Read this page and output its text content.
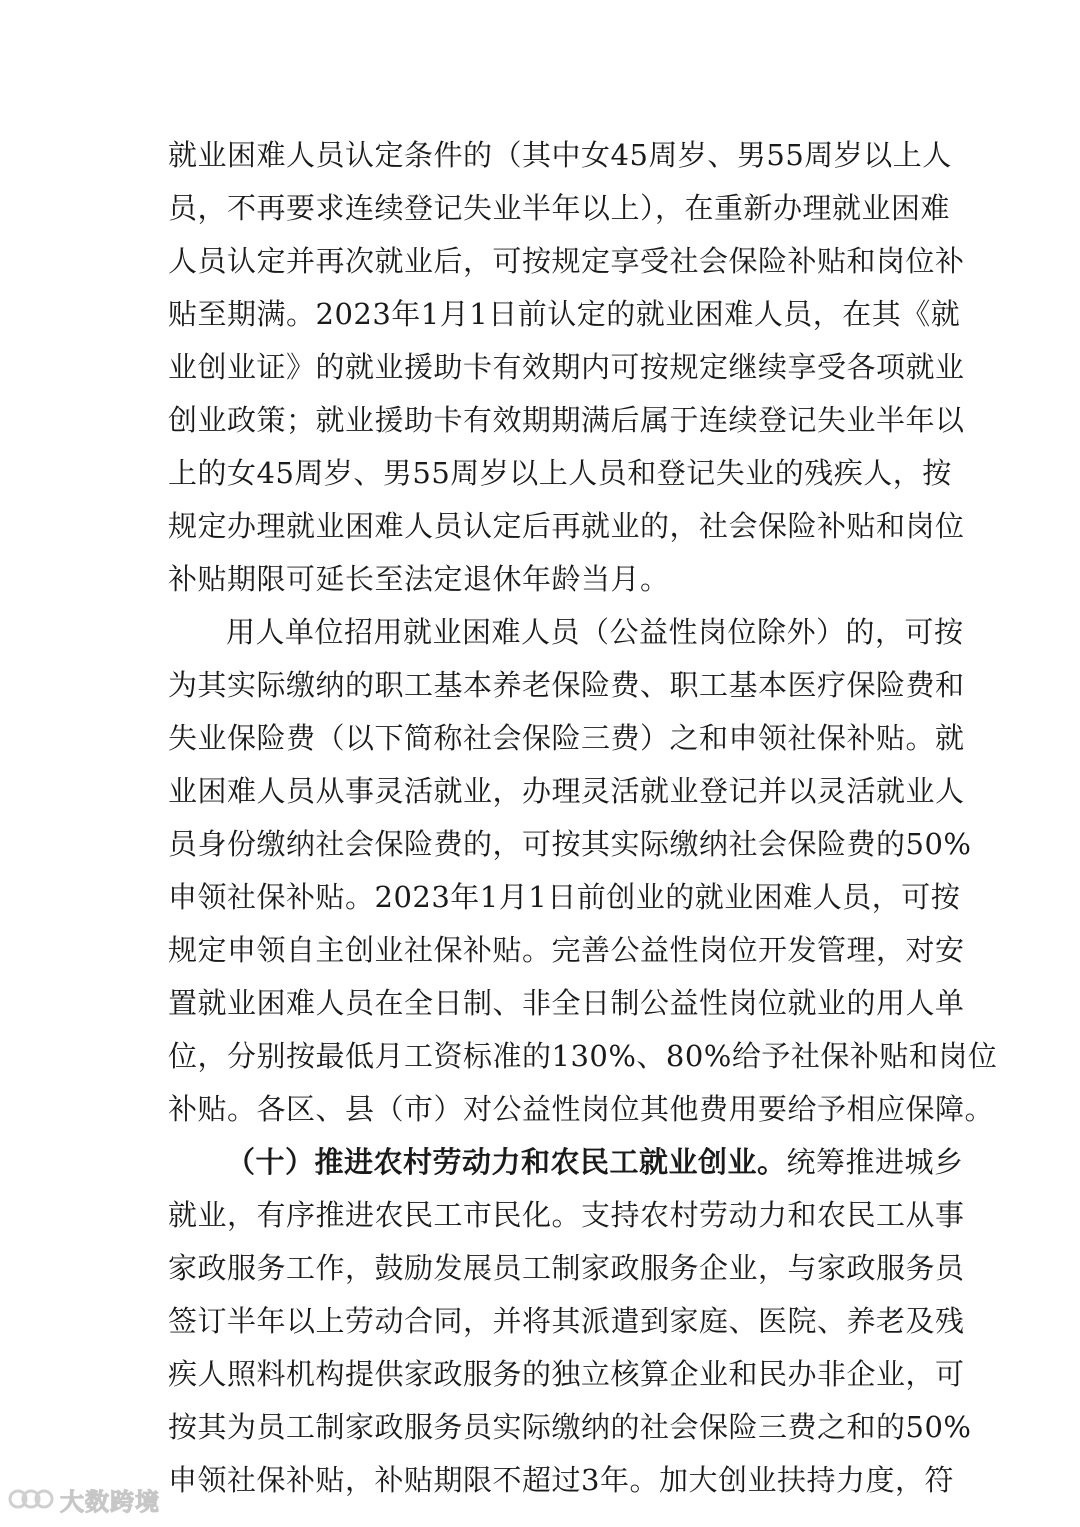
就业困难人员认定条件的（其中女45周岁、男55周岁以上人
员，不再要求连续登记失业半年以上），在重新办理就业困难
人员认定并再次就业后，可按规定享受社会保险补贴和岗位补
贴至期满。2023年1月1日前认定的就业困难人员，在其《就
业创业证》的就业援助卡有效期内可按规定继续享受各项就业
创业政策；就业援助卡有效期期满后属于连续登记失业半年以
上的女45周岁、男55周岁以上人员和登记失业的残疾人，按
规定办理就业困难人员认定后再就业的，社会保险补贴和岗位
补贴期限可延长至法定退休年龄当月。
用人单位招用就业困难人员（公益性岗位除外）的，可按
为其实际缴纳的职工基本养老保险费、职工基本医疗保险费和
失业保险费（以下简称社会保险三费）之和申领社保补贴。就
业困难人员从事灵活就业，办理灵活就业登记并以灵活就业人
员身份缴纳社会保险费的，可按其实际缴纳社会保险费的50%
申领社保补贴。2023年1月1日前创业的就业困难人员，可按
规定申领自主创业社保补贴。完善公益性岗位开发管理，对安
置就业困难人员在全日制、非全日制公益性岗位就业的用人单
位，分别按最低月工资标准的130%、80%给予社保补贴和岗位
补贴。各区、县（市）对公益性岗位其他费用要给予相应保障。
（十）推进农村劳动力和农民工就业创业。统筹推进城乡
就业，有序推进农民工市民化。支持农村劳动力和农民工从事
家政服务工作，鼓励发展员工制家政服务企业，与家政服务员
签订半年以上劳动合同，并将其派遣到家庭、医院、养老及残
疾人照料机构提供家政服务的独立核算企业和民办非企业，可
按其为员工制家政服务员实际缴纳的社会保险三费之和的50%
申领社保补贴，补贴期限不超过3年。加大创业扶持力度，符
大数跨境
